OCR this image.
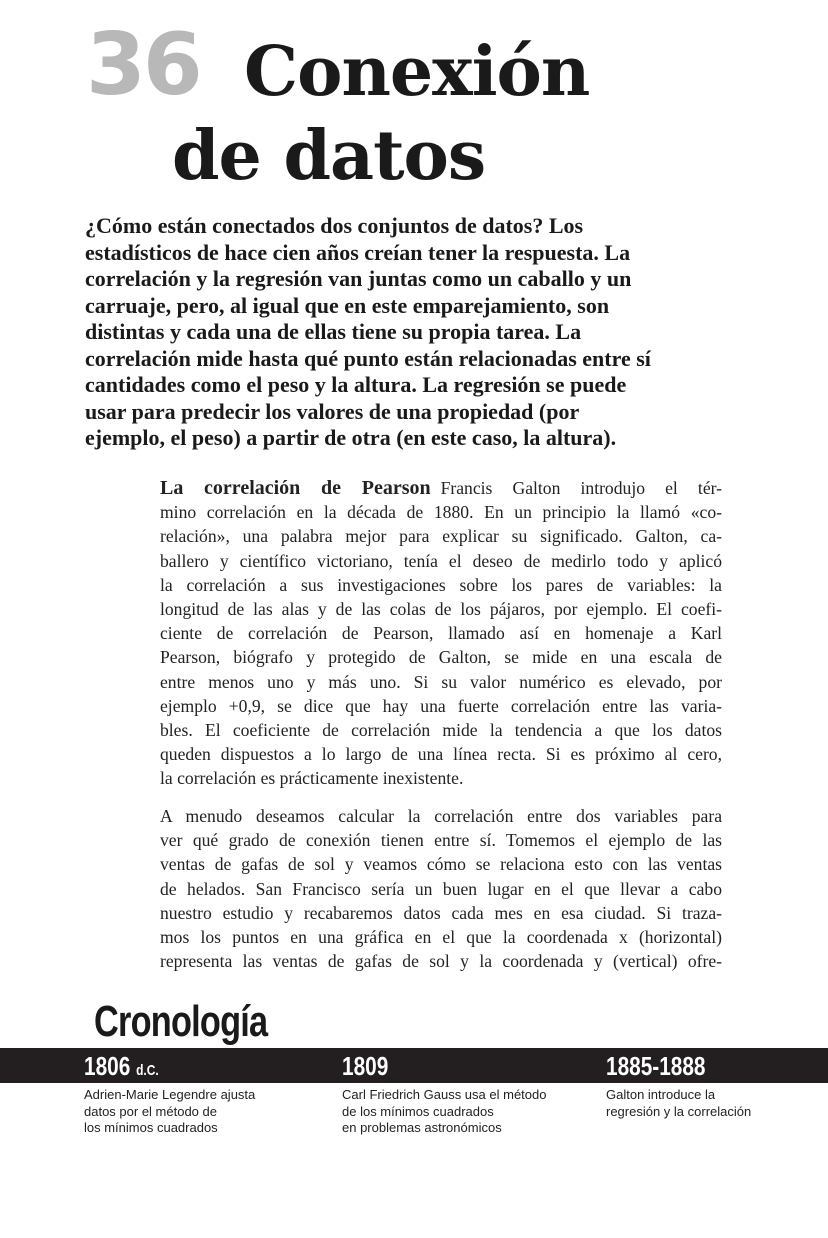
36 Conexión
de datos
¿Cómo están conectados dos conjuntos de datos? Los
estadísticos de hace cien años creían tener la respuesta. La
correlación y la regresión van juntas como un caballo y un
carruaje, pero, al igual que en este emparejamiento, son
distintas y cada una de ellas tiene su propia tarea. La
correlación mide hasta qué punto están relacionadas entre sí
cantidades como el peso y la altura. La regresión se puede
usar para predecir los valores de una propiedad (por
ejemplo, el peso) a partir de otra (en este caso, la altura).
La correlación de Pearson Francis Galton introdujo el tér-
mino correlación en la década de 1880. En un principio la llamó «co-
relación», una palabra mejor para explicar su significado. Galton, ca-
ballero y científico victoriano, tenía el deseo de medirlo todo y aplicó
la correlación a sus investigaciones sobre los pares de variables: la
longitud de las alas y de las colas de los pájaros, por ejemplo. El coefi-
ciente de correlación de Pearson, llamado así en homenaje a Karl
Pearson, biógrafo y protegido de Galton, se mide en una escala de
entre menos uno y más uno. Si su valor numérico es elevado, por
ejemplo +0,9, se dice que hay una fuerte correlación entre las varia-
bles. El coeficiente de correlación mide la tendencia a que los datos
queden dispuestos a lo largo de una línea recta. Si es próximo al cero,
la correlación es prácticamente inexistente.
A menudo deseamos calcular la correlación entre dos variables para
ver qué grado de conexión tienen entre sí. Tomemos el ejemplo de las
ventas de gafas de sol y veamos cómo se relaciona esto con las ventas
de helados. San Francisco sería un buen lugar en el que llevar a cabo
nuestro estudio y recabaremos datos cada mes en esa ciudad. Si traza-
mos los puntos en una gráfica en el que la coordenada x (horizontal)
representa las ventas de gafas de sol y la coordenada y (vertical) ofre-
Cronología
1806 d.C.	1809	1885-1888
Adrien-Marie Legendre ajusta
datos por el método de
los mínimos cuadrados
Carl Friedrich Gauss usa el método
de los mínimos cuadrados
en problemas astronómicos
Galton introduce la
regresión y la correlación
